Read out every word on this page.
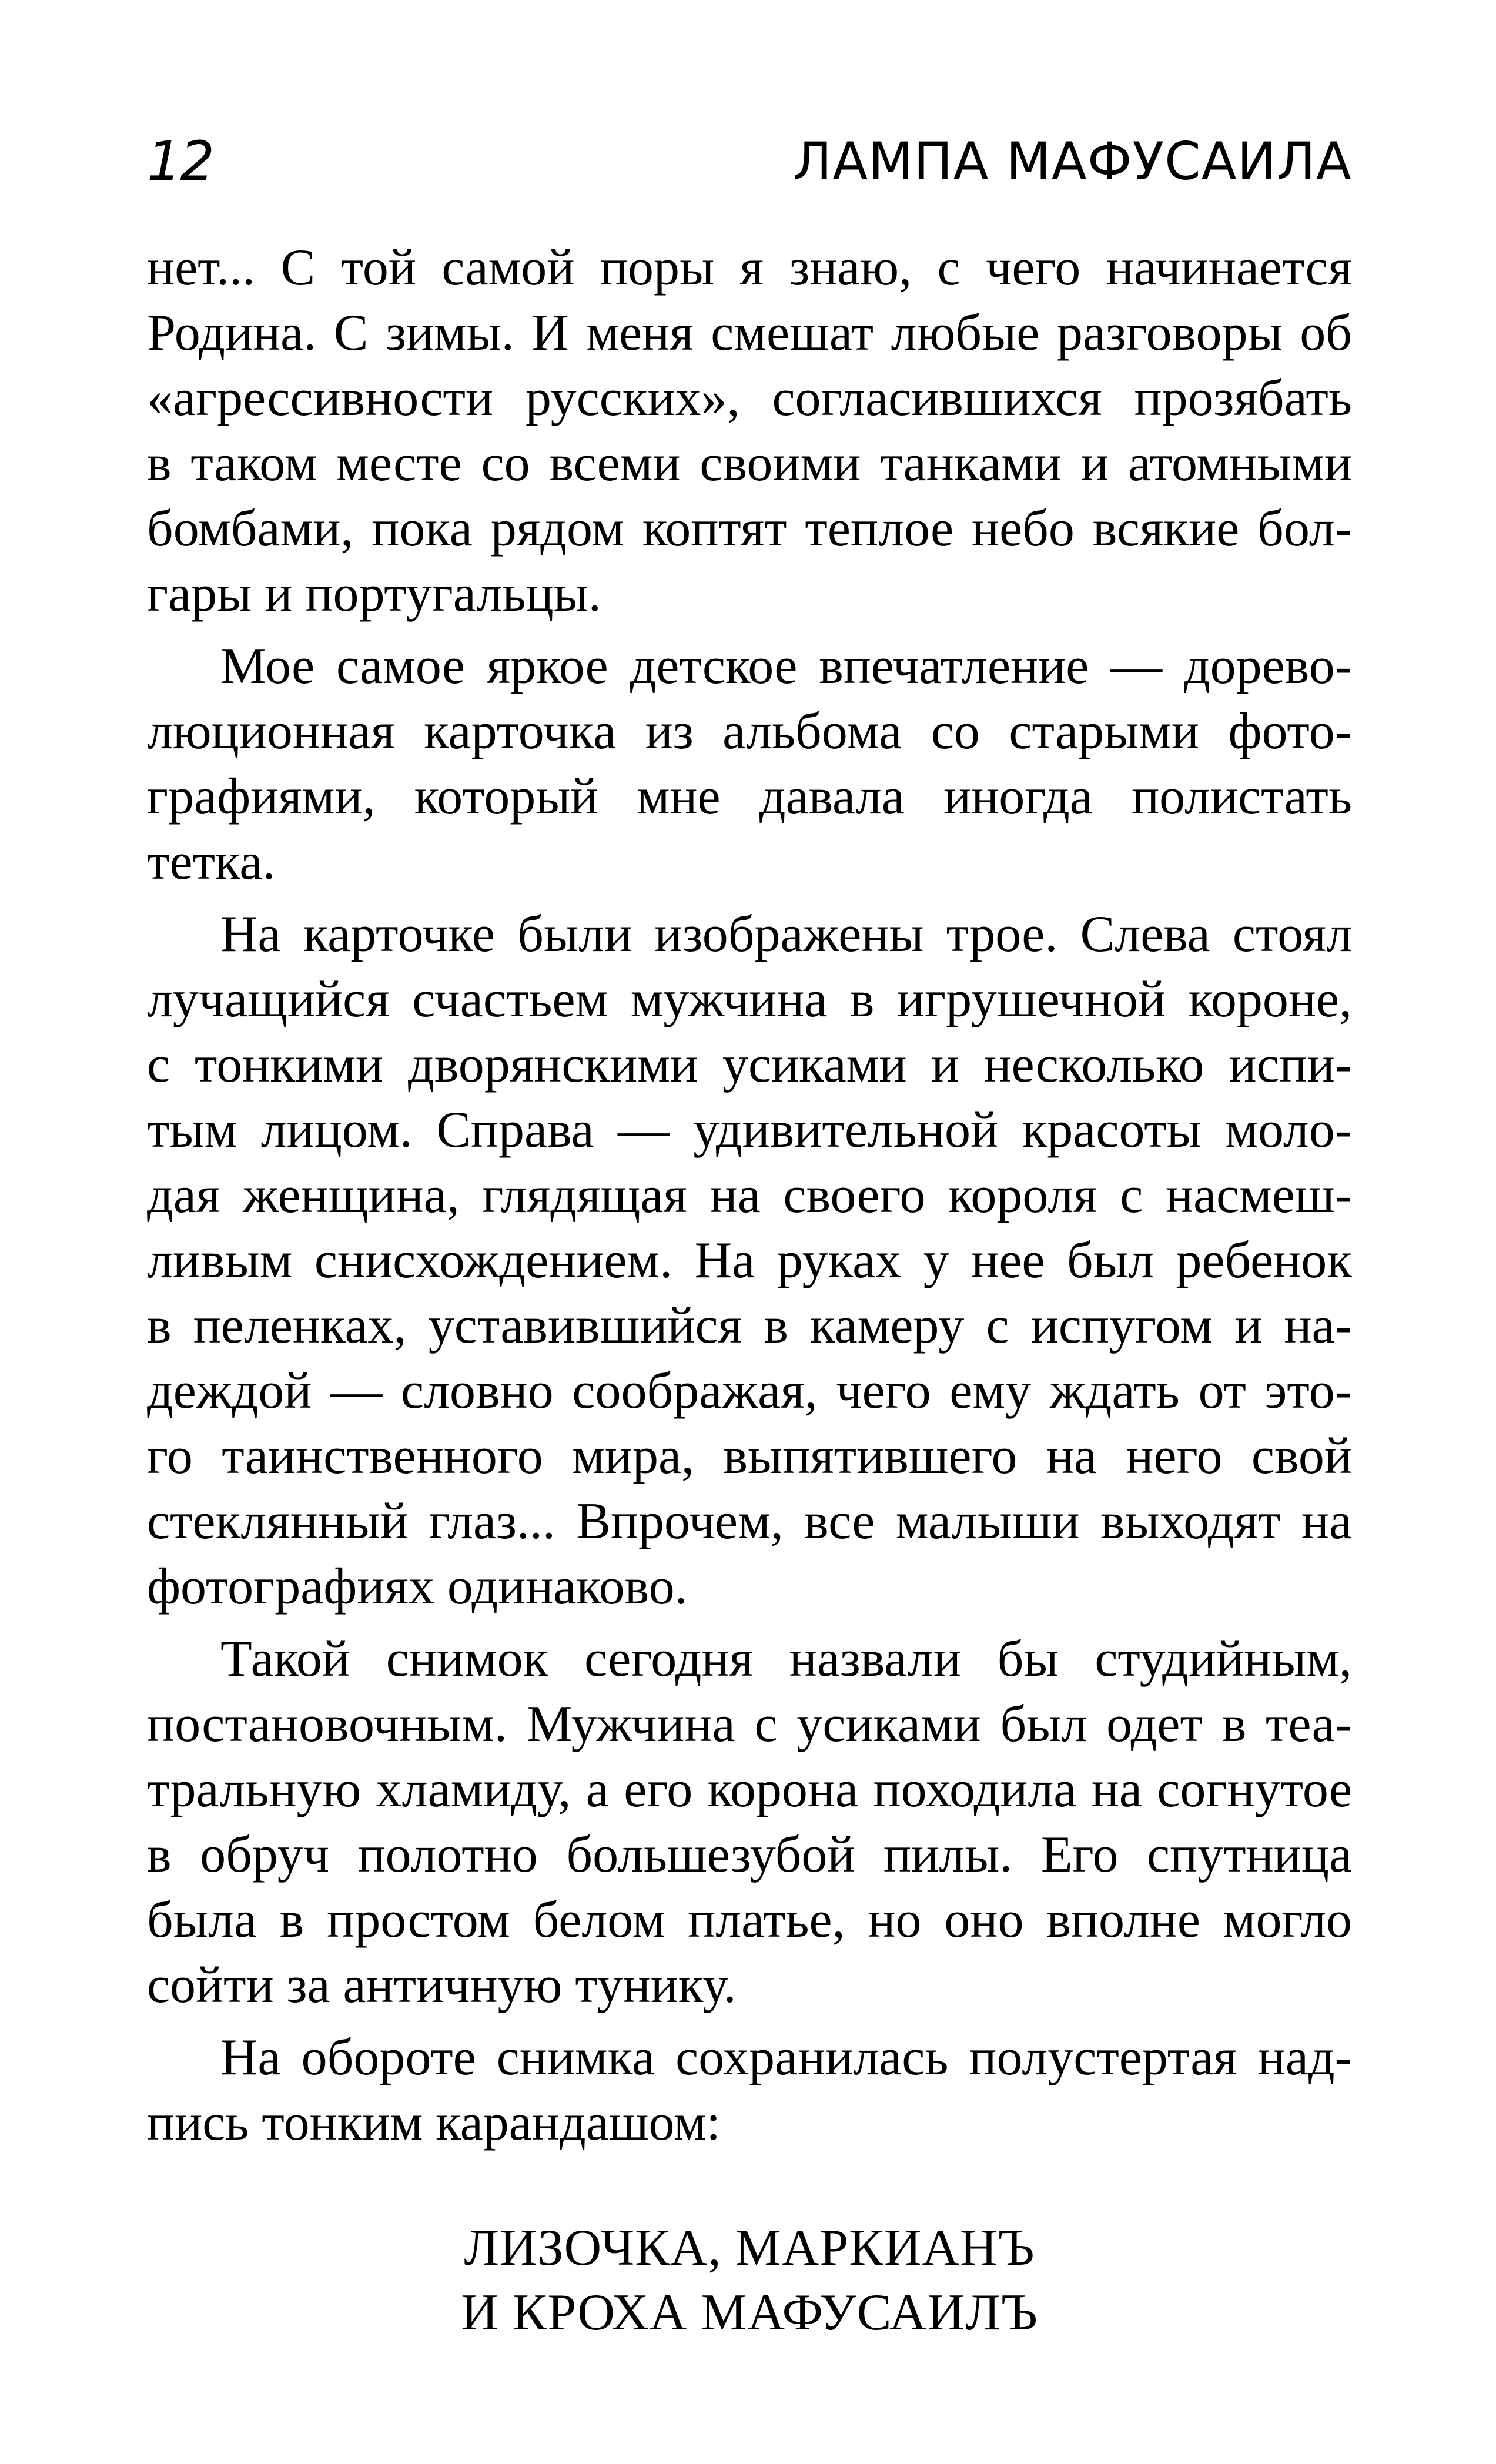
12	ЛАМПА МАФУСАИЛА
нет... С той самой поры я знаю, с чего начинается
Родина. С зимы. И меня смешат любые разговоры об
«агрессивности русских», согласившихся прозябать
в таком месте со всеми своими танками и атомными
бомбами, пока рядом коптят теплое небо всякие бол-
гары и португальцы.
Мое самое яркое детское впечатление — дорево-
люционная карточка из альбома со старыми фото-
графиями, который мне давала иногда полистать
тетка.
На карточке были изображены трое. Слева стоял
лучащийся счастьем мужчина в игрушечной короне,
с тонкими дворянскими усиками и несколько испи-
тым лицом. Справа — удивительной красоты моло-
дая женщина, глядящая на своего короля с насмеш-
ливым снисхождением. На руках у нее был ребенок
в пеленках, уставившийся в камеру с испугом и на-
деждой — словно соображая, чего ему ждать от это-
го таинственного мира, выпятившего на него свой
стеклянный глаз... Впрочем, все малыши выходят на
фотографиях одинаково.
Такой снимок сегодня назвали бы студийным,
постановочным. Мужчина с усиками был одет в теа-
тральную хламиду, а его корона походила на согнутое
в обруч полотно большезубой пилы. Его спутница
была в простом белом платье, но оно вполне могло
сойти за античную тунику.
На обороте снимка сохранилась полустертая над-
пись тонким карандашом:
ЛИЗОЧКА, МАРКИАНЪ
И КРОХА МАФУСАИЛЪ
